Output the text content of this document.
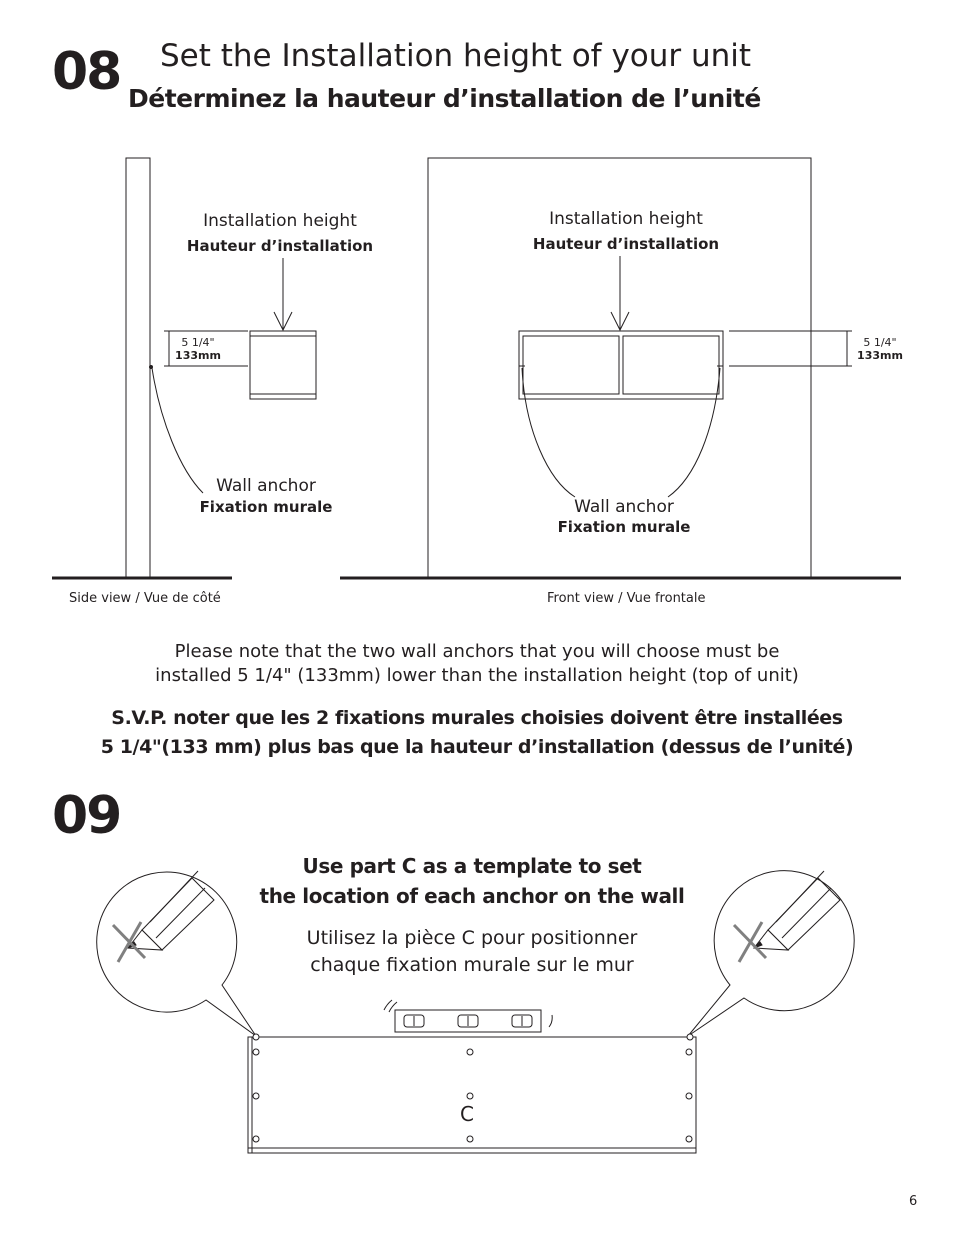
08 Set the Installation height of your unit
Déterminez la hauteur d’installation de l’unité
Installation height
Hauteur d’installation
5 1/4"
133mm
Wall anchor
Fixation murale
Side view / Vue de côté
Installation height
Hauteur d’installation
5 1/4"
133mm
Wall anchor
Fixation murale
Front view / Vue frontale
Please note that the two wall anchors that you will choose must be
installed 5 1/4" (133mm) lower than the installation height (top of unit)
S.V.P. noter que les 2 fixations murales choisies doivent être installées
5 1/4"(133 mm) plus bas que la hauteur d’installation (dessus de l’unité)
09
Use part C as a template to set
the location of each anchor on the wall
Utilisez la pièce C pour positionner
chaque fixation murale sur le mur
C
6
